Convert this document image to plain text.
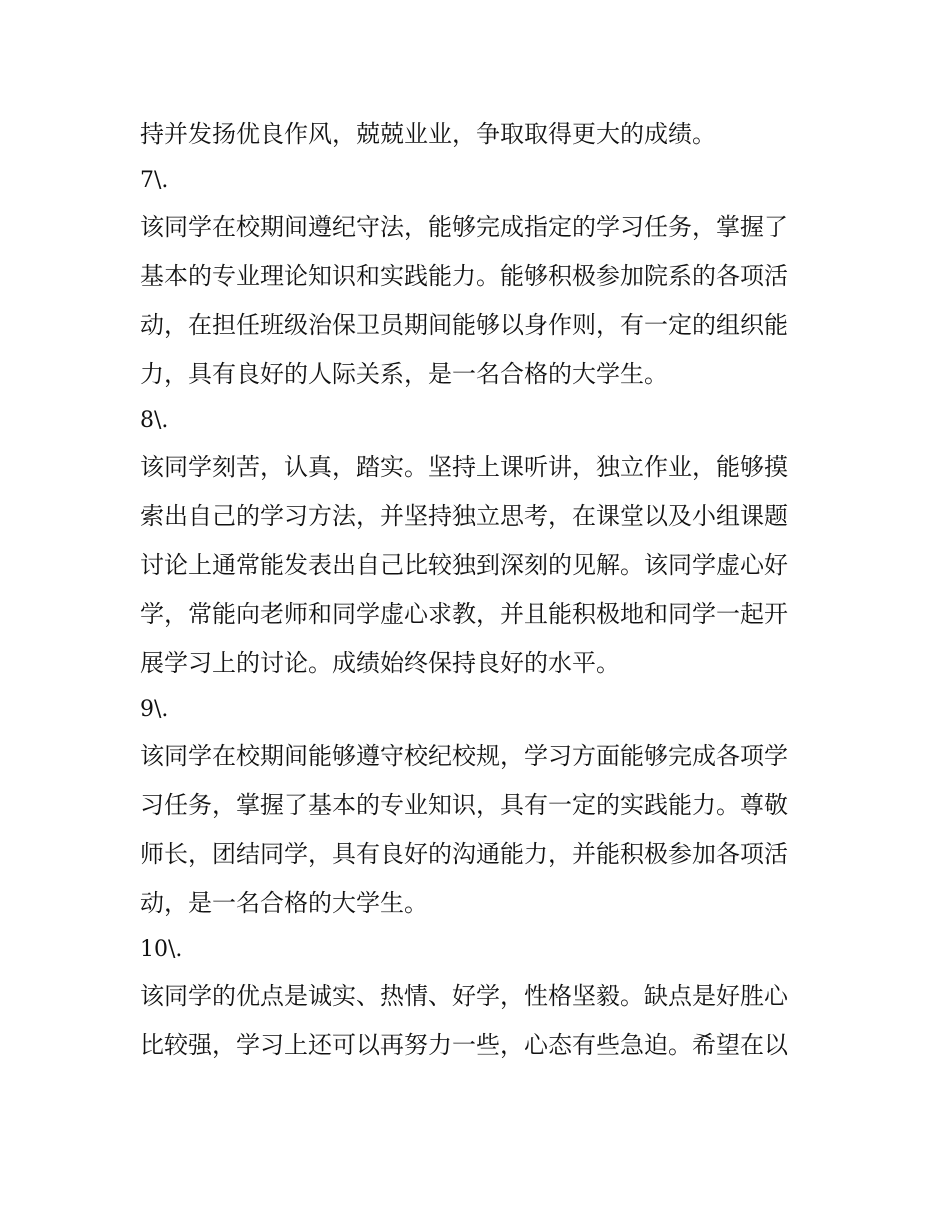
持并发扬优良作风，兢兢业业，争取取得更大的成绩。
7\.
该同学在校期间遵纪守法，能够完成指定的学习任务，掌握了
基本的专业理论知识和实践能力。能够积极参加院系的各项活
动，在担任班级治保卫员期间能够以身作则，有一定的组织能
力，具有良好的人际关系，是一名合格的大学生。
8\.
该同学刻苦，认真，踏实。坚持上课听讲，独立作业，能够摸
索出自己的学习方法，并坚持独立思考，在课堂以及小组课题
讨论上通常能发表出自己比较独到深刻的见解。该同学虚心好
学，常能向老师和同学虚心求教，并且能积极地和同学一起开
展学习上的讨论。成绩始终保持良好的水平。
9\.
该同学在校期间能够遵守校纪校规，学习方面能够完成各项学
习任务，掌握了基本的专业知识，具有一定的实践能力。尊敬
师长，团结同学，具有良好的沟通能力，并能积极参加各项活
动，是一名合格的大学生。
10\.
该同学的优点是诚实、热情、好学，性格坚毅。缺点是好胜心
比较强，学习上还可以再努力一些，心态有些急迫。希望在以
